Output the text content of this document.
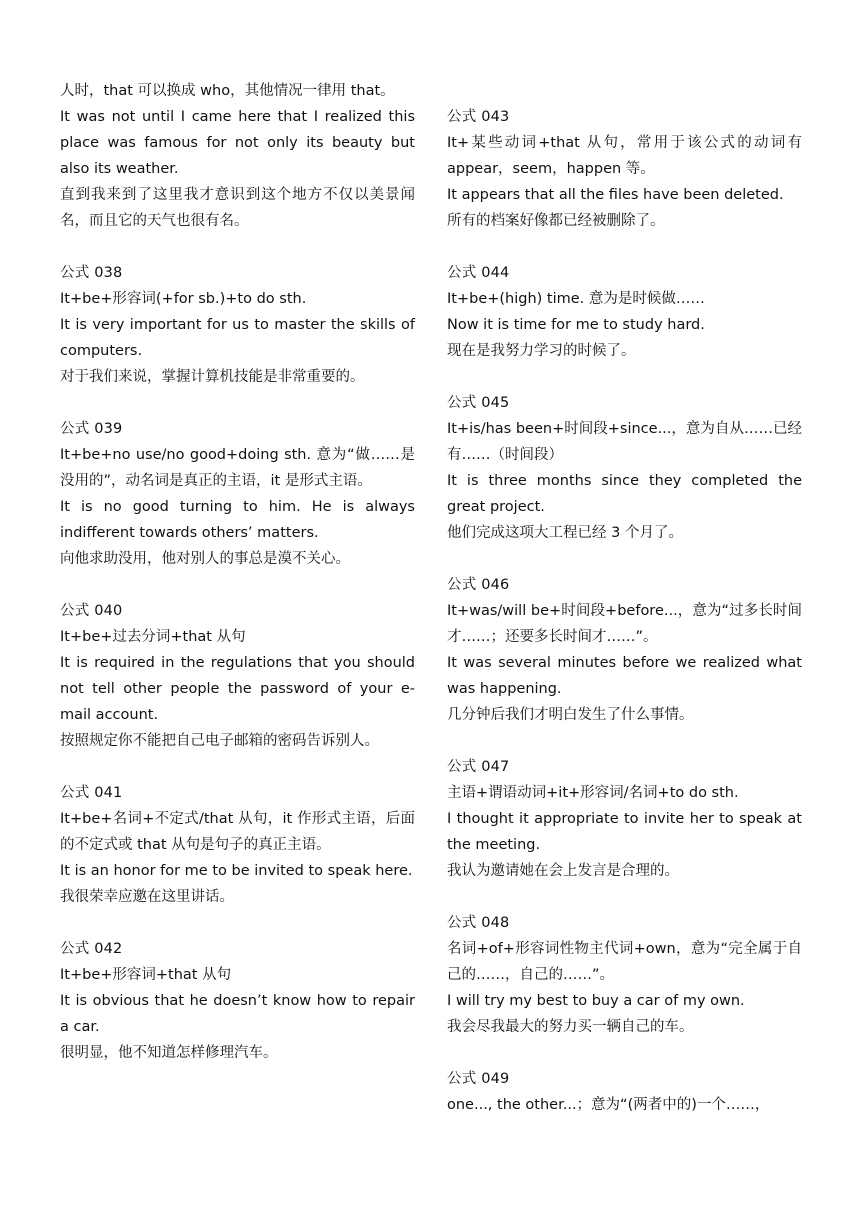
人时，that 可以换成 who，其他情况一律用 that。

It was not until I came here that I realized this place was famous for not only its beauty but also its weather.

直到我来到了这里我才意识到这个地方不仅以美景闻名，而且它的天气也很有名。

公式 038

It+be+形容词(+for sb.)+to do sth.

It is very important for us to master the skills of computers.

对于我们来说，掌握计算机技能是非常重要的。

公式 039

It+be+no use/no good+doing sth. 意为“做……是没用的”，动名词是真正的主语，it 是形式主语。

It is no good turning to him. He is always indifferent towards others’ matters.

向他求助没用，他对别人的事总是漠不关心。

公式 040

It+be+过去分词+that 从句

It is required in the regulations that you should not tell other people the password of your e-mail account.

按照规定你不能把自己电子邮箱的密码告诉别人。

公式 041

It+be+名词+不定式/that 从句，it 作形式主语，后面的不定式或 that 从句是句子的真正主语。

It is an honor for me to be invited to speak here.

我很荣幸应邀在这里讲话。

公式 042

It+be+形容词+that 从句

It is obvious that he doesn’t know how to repair a car.

很明显，他不知道怎样修理汽车。

公式 043

It+某些动词+that 从句，常用于该公式的动词有 appear，seem，happen 等。

It appears that all the files have been deleted.

所有的档案好像都已经被删除了。

公式 044

It+be+(high) time. 意为是时候做……

Now it is time for me to study hard.

现在是我努力学习的时候了。

公式 045

It+is/has been+时间段+since...，意为自从……已经有……（时间段）

It is three months since they completed the great project.

他们完成这项大工程已经 3 个月了。

公式 046

It+was/will be+时间段+before...，意为“过多长时间才……；还要多长时间才……”。

It was several minutes before we realized what was happening.

几分钟后我们才明白发生了什么事情。

公式 047

主语+谓语动词+it+形容词/名词+to do sth.

I thought it appropriate to invite her to speak at the meeting.

我认为邀请她在会上发言是合理的。

公式 048

名词+of+形容词性物主代词+own，意为“完全属于自己的……，自己的……”。

I will try my best to buy a car of my own.

我会尽我最大的努力买一辆自己的车。

公式 049

one..., the other...；意为“(两者中的)一个……，
